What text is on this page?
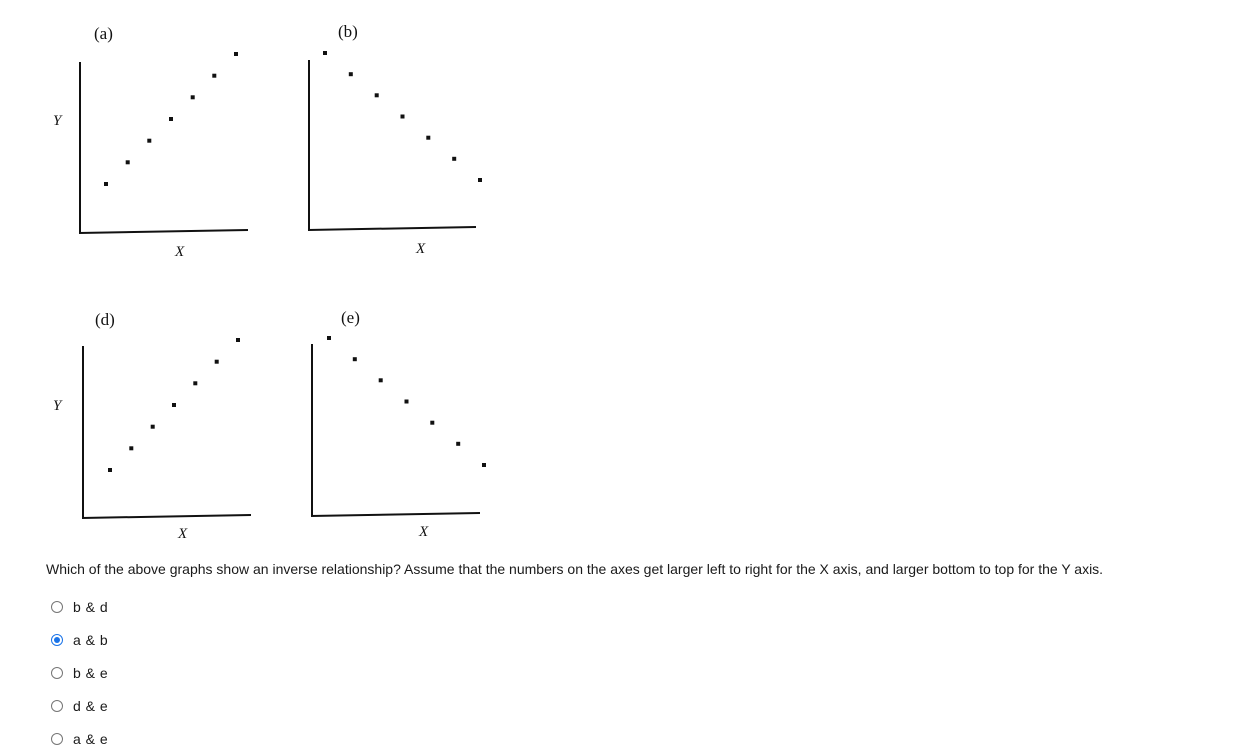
Y
Y
(a)
X
(b)
X
(d)
X
(e)
X
Which of the above graphs show an inverse relationship? Assume that the numbers on the axes get larger left to right for the X axis, and larger bottom to top for the Y axis.
b & d
a & b
b & e
d & e
a & e
